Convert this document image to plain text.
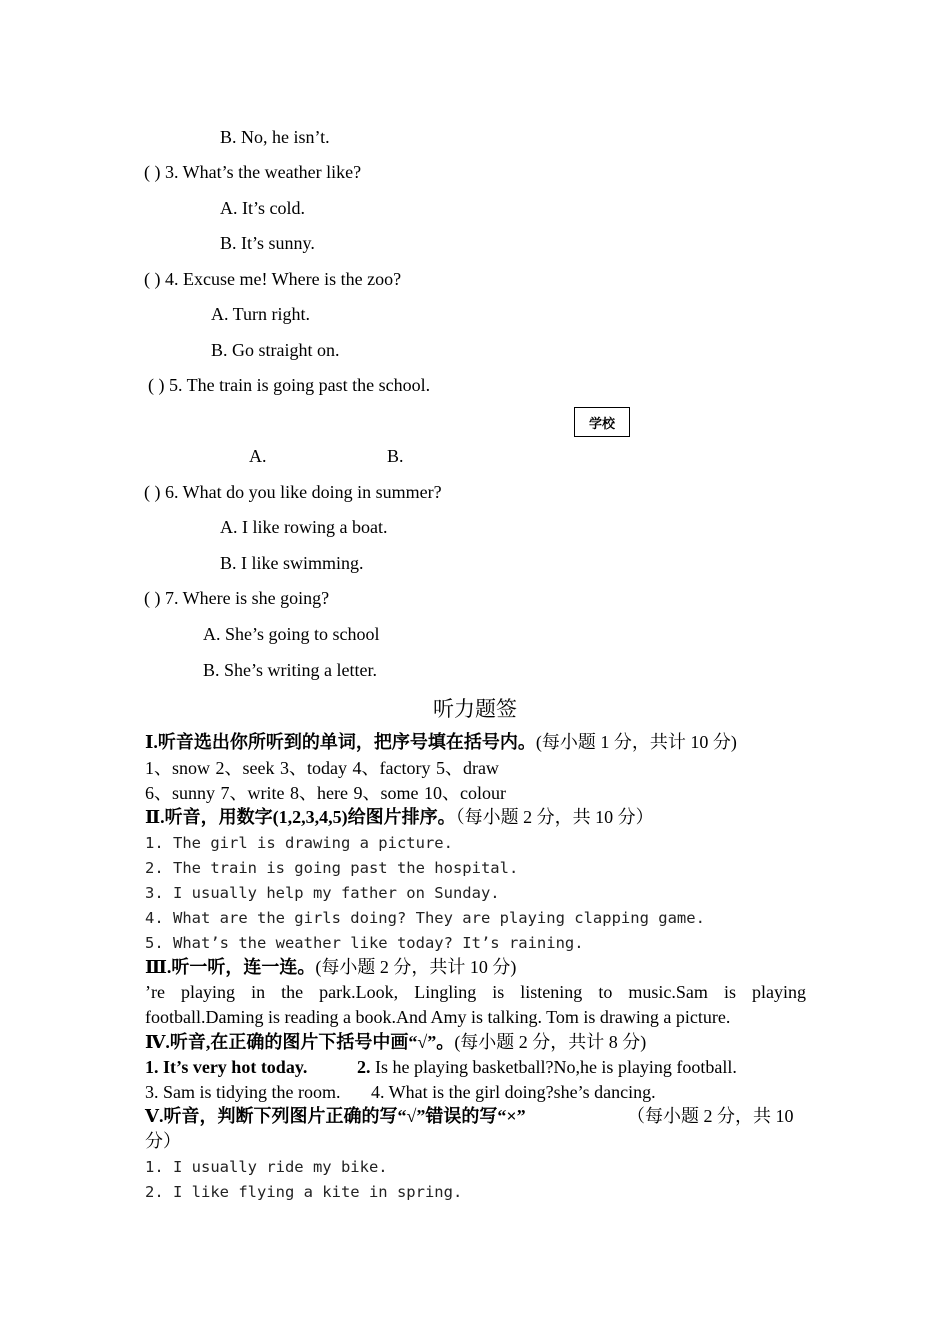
B. No, he isn’t.
( ) 3. What’s the weather like?
A. It’s cold.
B. It’s sunny.
( ) 4. Excuse me! Where is the zoo?
A. Turn right.
B. Go straight on.
( ) 5. The train is going past the school.
学校
A.	B.
( ) 6. What do you like doing in summer?
A. I like rowing a boat.
B. I like swimming.
( ) 7. Where is she going?
A. She’s going to school
B. She’s writing a letter.
听力题签
Ⅰ.听音选出你所听到的单词，把序号填在括号内。(每小题 1 分，共计 10 分)
1、snow 2、seek 3、today 4、factory 5、draw
6、sunny 7、write 8、here 9、some 10、colour
Ⅱ.听音，用数字(1,2,3,4,5)给图片排序。（每小题 2 分，共 10 分）
1. The girl is drawing a picture.
2. The train is going past the hospital.
3. I usually help my father on Sunday.
4. What are the girls doing? They are playing clapping game.
5. What’s the weather like today? It’s raining.
Ⅲ.听一听，连一连。(每小题 2 分，共计 10 分)
’re playing in the park.Look, Lingling is listening to music.Sam is playing
football.Daming is reading a book.And Amy is talking. Tom is drawing a picture.
Ⅳ.听音,在正确的图片下括号中画“√”。(每小题 2 分，共计 8 分)
1. It’s very hot today.	2. Is he playing basketball?No,he is playing football.
3. Sam is tidying the room. 4. What is the girl doing?she’s dancing.
Ⅴ.听音，判断下列图片正确的写“√”错误的写“×”	（每小题 2 分，共 10
分）
1. I usually ride my bike.
2. I like flying a kite in spring.
